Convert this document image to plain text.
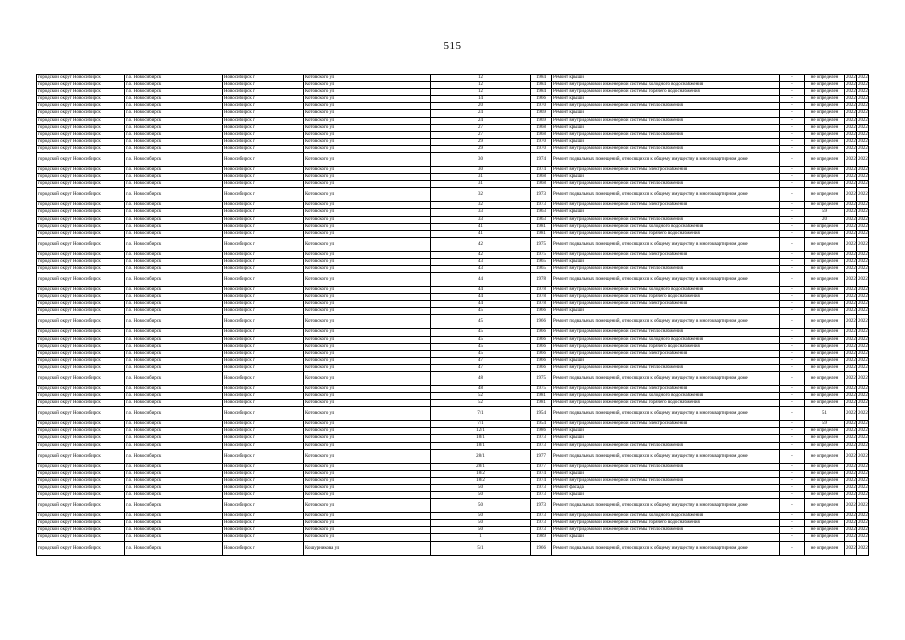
515
городской округ Новосибирск	г.о. Новосибирск	Новосибирск г	Котовского ул	12	1984	Ремонт крыши	-	не определен	2022	2022
городской округ Новосибирск	г.о. Новосибирск	Новосибирск г	Котовского ул	12	1984	Ремонт внутридомовой инженерной системы холодного водоснабжения	-	не определен	2022	2022
городской округ Новосибирск	г.о. Новосибирск	Новосибирск г	Котовского ул	12	1984	Ремонт внутридомовой инженерной системы горячего водоснабжения	-	не определен	2022	2022
городской округ Новосибирск	г.о. Новосибирск	Новосибирск г	Котовского ул	14	1966	Ремонт крыши	-	не определен	2022	2022
городской округ Новосибирск	г.о. Новосибирск	Новосибирск г	Котовского ул	20	1970	Ремонт внутридомовой инженерной системы теплоснабжения	-	не определен	2022	2022
городской округ Новосибирск	г.о. Новосибирск	Новосибирск г	Котовского ул	24	1969	Ремонт крыши	-	не определен	2022	2022
городской округ Новосибирск	г.о. Новосибирск	Новосибирск г	Котовского ул	24	1969	Ремонт внутридомовой инженерной системы теплоснабжения	-	не определен	2022	2022
городской округ Новосибирск	г.о. Новосибирск	Новосибирск г	Котовского ул	27	1968	Ремонт крыши	-	не определен	2022	2022
городской округ Новосибирск	г.о. Новосибирск	Новосибирск г	Котовского ул	27	1968	Ремонт внутридомовой инженерной системы теплоснабжения	-	не определен	2022	2022
городской округ Новосибирск	г.о. Новосибирск	Новосибирск г	Котовского ул	29	1970	Ремонт крыши	-	не определен	2022	2022
городской округ Новосибирск	г.о. Новосибирск	Новосибирск г	Котовского ул	29	1970	Ремонт внутридомовой инженерной системы теплоснабжения	-	не определен	2022	2022
городской округ Новосибирск	г.о. Новосибирск	Новосибирск г	Котовского ул	30	1974	Ремонт подвальных помещений, относящихся к общему имуществу в многоквартирном доме	-	не определен	2022	2022
городской округ Новосибирск	г.о. Новосибирск	Новосибирск г	Котовского ул	30	1974	Ремонт внутридомовой инженерной системы электроснабжения	-	не определен	2022	2022
городской округ Новосибирск	г.о. Новосибирск	Новосибирск г	Котовского ул	31	1968	Ремонт крыши	-	не определен	2022	2022
городской округ Новосибирск	г.о. Новосибирск	Новосибирск г	Котовского ул	31	1968	Ремонт внутридомовой инженерной системы теплоснабжения	-	не определен	2022	2022
городской округ Новосибирск	г.о. Новосибирск	Новосибирск г	Котовского ул	32	1973	Ремонт подвальных помещений, относящихся к общему имуществу в многоквартирном доме	-	не определен	2022	2022
городской округ Новосибирск	г.о. Новосибирск	Новосибирск г	Котовского ул	32	1973	Ремонт внутридомовой инженерной системы электроснабжения	-	не определен	2022	2022
городской округ Новосибирск	г.о. Новосибирск	Новосибирск г	Котовского ул	33	1963	Ремонт крыши	-	59	2022	2022
городской округ Новосибирск	г.о. Новосибирск	Новосибирск г	Котовского ул	33	1963	Ремонт внутридомовой инженерной системы теплоснабжения	-	20	2022	2022
городской округ Новосибирск	г.о. Новосибирск	Новосибирск г	Котовского ул	41	1981	Ремонт внутридомовой инженерной системы холодного водоснабжения	-	не определен	2022	2022
городской округ Новосибирск	г.о. Новосибирск	Новосибирск г	Котовского ул	41	1981	Ремонт внутридомовой инженерной системы горячего водоснабжения	-	не определен	2022	2022
городской округ Новосибирск	г.о. Новосибирск	Новосибирск г	Котовского ул	42	1975	Ремонт подвальных помещений, относящихся к общему имуществу в многоквартирном доме	-	не определен	2022	2022
городской округ Новосибирск	г.о. Новосибирск	Новосибирск г	Котовского ул	42	1975	Ремонт внутридомовой инженерной системы электроснабжения	-	не определен	2022	2022
городской округ Новосибирск	г.о. Новосибирск	Новосибирск г	Котовского ул	43	1965	Ремонт крыши	-	не определен	2022	2022
городской округ Новосибирск	г.о. Новосибирск	Новосибирск г	Котовского ул	43	1965	Ремонт внутридомовой инженерной системы теплоснабжения	-	не определен	2022	2022
городской округ Новосибирск	г.о. Новосибирск	Новосибирск г	Котовского ул	44	1978	Ремонт подвальных помещений, относящихся к общему имуществу в многоквартирном доме	-	не определен	2022	2022
городской округ Новосибирск	г.о. Новосибирск	Новосибирск г	Котовского ул	44	1978	Ремонт внутридомовой инженерной системы холодного водоснабжения	-	не определен	2022	2022
городской округ Новосибирск	г.о. Новосибирск	Новосибирск г	Котовского ул	44	1978	Ремонт внутридомовой инженерной системы горячего водоснабжения	-	не определен	2022	2022
городской округ Новосибирск	г.о. Новосибирск	Новосибирск г	Котовского ул	44	1978	Ремонт внутридомовой инженерной системы электроснабжения	-	не определен	2022	2022
городской округ Новосибирск	г.о. Новосибирск	Новосибирск г	Котовского ул	45	1966	Ремонт крыши	-	не определен	2022	2022
городской округ Новосибирск	г.о. Новосибирск	Новосибирск г	Котовского ул	45	1966	Ремонт подвальных помещений, относящихся к общему имуществу в многоквартирном доме	-	не определен	2022	2022
городской округ Новосибирск	г.о. Новосибирск	Новосибирск г	Котовского ул	45	1966	Ремонт внутридомовой инженерной системы теплоснабжения	-	не определен	2022	2022
городской округ Новосибирск	г.о. Новосибирск	Новосибирск г	Котовского ул	45	1966	Ремонт внутридомовой инженерной системы холодного водоснабжения	-	не определен	2022	2022
городской округ Новосибирск	г.о. Новосибирск	Новосибирск г	Котовского ул	45	1966	Ремонт внутридомовой инженерной системы горячего водоснабжения	-	не определен	2022	2022
городской округ Новосибирск	г.о. Новосибирск	Новосибирск г	Котовского ул	45	1966	Ремонт внутридомовой инженерной системы электроснабжения	-	не определен	2022	2022
городской округ Новосибирск	г.о. Новосибирск	Новосибирск г	Котовского ул	47	1966	Ремонт крыши	-	не определен	2022	2022
городской округ Новосибирск	г.о. Новосибирск	Новосибирск г	Котовского ул	47	1966	Ремонт внутридомовой инженерной системы теплоснабжения	-	не определен	2022	2022
городской округ Новосибирск	г.о. Новосибирск	Новосибирск г	Котовского ул	48	1975	Ремонт подвальных помещений, относящихся к общему имуществу в многоквартирном доме	-	не определен	2022	2022
городской округ Новосибирск	г.о. Новосибирск	Новосибирск г	Котовского ул	48	1975	Ремонт внутридомовой инженерной системы электроснабжения	-	не определен	2022	2022
городской округ Новосибирск	г.о. Новосибирск	Новосибирск г	Котовского ул	52	1981	Ремонт внутридомовой инженерной системы холодного водоснабжения	-	не определен	2022	2022
городской округ Новосибирск	г.о. Новосибирск	Новосибирск г	Котовского ул	52	1981	Ремонт внутридомовой инженерной системы горячего водоснабжения	-	не определен	2022	2022
городской округ Новосибирск	г.о. Новосибирск	Новосибирск г	Котовского ул	7/1	1954	Ремонт подвальных помещений, относящихся к общему имуществу в многоквартирном доме	-	51	2022	2022
городской округ Новосибирск	г.о. Новосибирск	Новосибирск г	Котовского ул	7/1	1954	Ремонт внутридомовой инженерной системы электроснабжения	-	59	2022	2022
городской округ Новосибирск	г.о. Новосибирск	Новосибирск г	Котовского ул	12/1	1986	Ремонт крыши	-	не определен	2022	2022
городской округ Новосибирск	г.о. Новосибирск	Новосибирск г	Котовского ул	18/1	1973	Ремонт крыши	-	не определен	2022	2022
городской округ Новосибирск	г.о. Новосибирск	Новосибирск г	Котовского ул	18/1	1973	Ремонт внутридомовой инженерной системы теплоснабжения	-	не определен	2022	2022
городской округ Новосибирск	г.о. Новосибирск	Новосибирск г	Котовского ул	28/1	1977	Ремонт подвальных помещений, относящихся к общему имуществу в многоквартирном доме	-	не определен	2022	2022
городской округ Новосибирск	г.о. Новосибирск	Новосибирск г	Котовского ул	28/1	1977	Ремонт внутридомовой инженерной системы теплоснабжения	-	не определен	2022	2022
городской округ Новосибирск	г.о. Новосибирск	Новосибирск г	Котовского ул	18/2	1974	Ремонт крыши	-	не определен	2022	2022
городской округ Новосибирск	г.о. Новосибирск	Новосибирск г	Котовского ул	18/2	1974	Ремонт внутридомовой инженерной системы теплоснабжения	-	не определен	2022	2022
городской округ Новосибирск	г.о. Новосибирск	Новосибирск г	Котовского ул	50	1973	Ремонт фасада	-	не определен	2022	2022
городской округ Новосибирск	г.о. Новосибирск	Новосибирск г	Котовского ул	50	1973	Ремонт крыши	-	не определен	2022	2022
городской округ Новосибирск	г.о. Новосибирск	Новосибирск г	Котовского ул	50	1973	Ремонт подвальных помещений, относящихся к общему имуществу в многоквартирном доме	-	не определен	2022	2022
городской округ Новосибирск	г.о. Новосибирск	Новосибирск г	Котовского ул	50	1973	Ремонт внутридомовой инженерной системы холодного водоснабжения	-	не определен	2022	2022
городской округ Новосибирск	г.о. Новосибирск	Новосибирск г	Котовского ул	50	1973	Ремонт внутридомовой инженерной системы горячего водоснабжения	-	не определен	2022	2022
городской округ Новосибирск	г.о. Новосибирск	Новосибирск г	Котовского ул	50	1973	Ремонт внутридомовой инженерной системы теплоснабжения	-	не определен	2022	2022
городской округ Новосибирск	г.о. Новосибирск	Новосибирск г	Котовского ул	1	1989	Ремонт крыши	-	не определен	2022	2022
городской округ Новосибирск	г.о. Новосибирск	Новосибирск г	Кошурникова ул	5/1	1966	Ремонт подвальных помещений, относящихся к общему имуществу в многоквартирном доме	-	не определен	2022	2022
